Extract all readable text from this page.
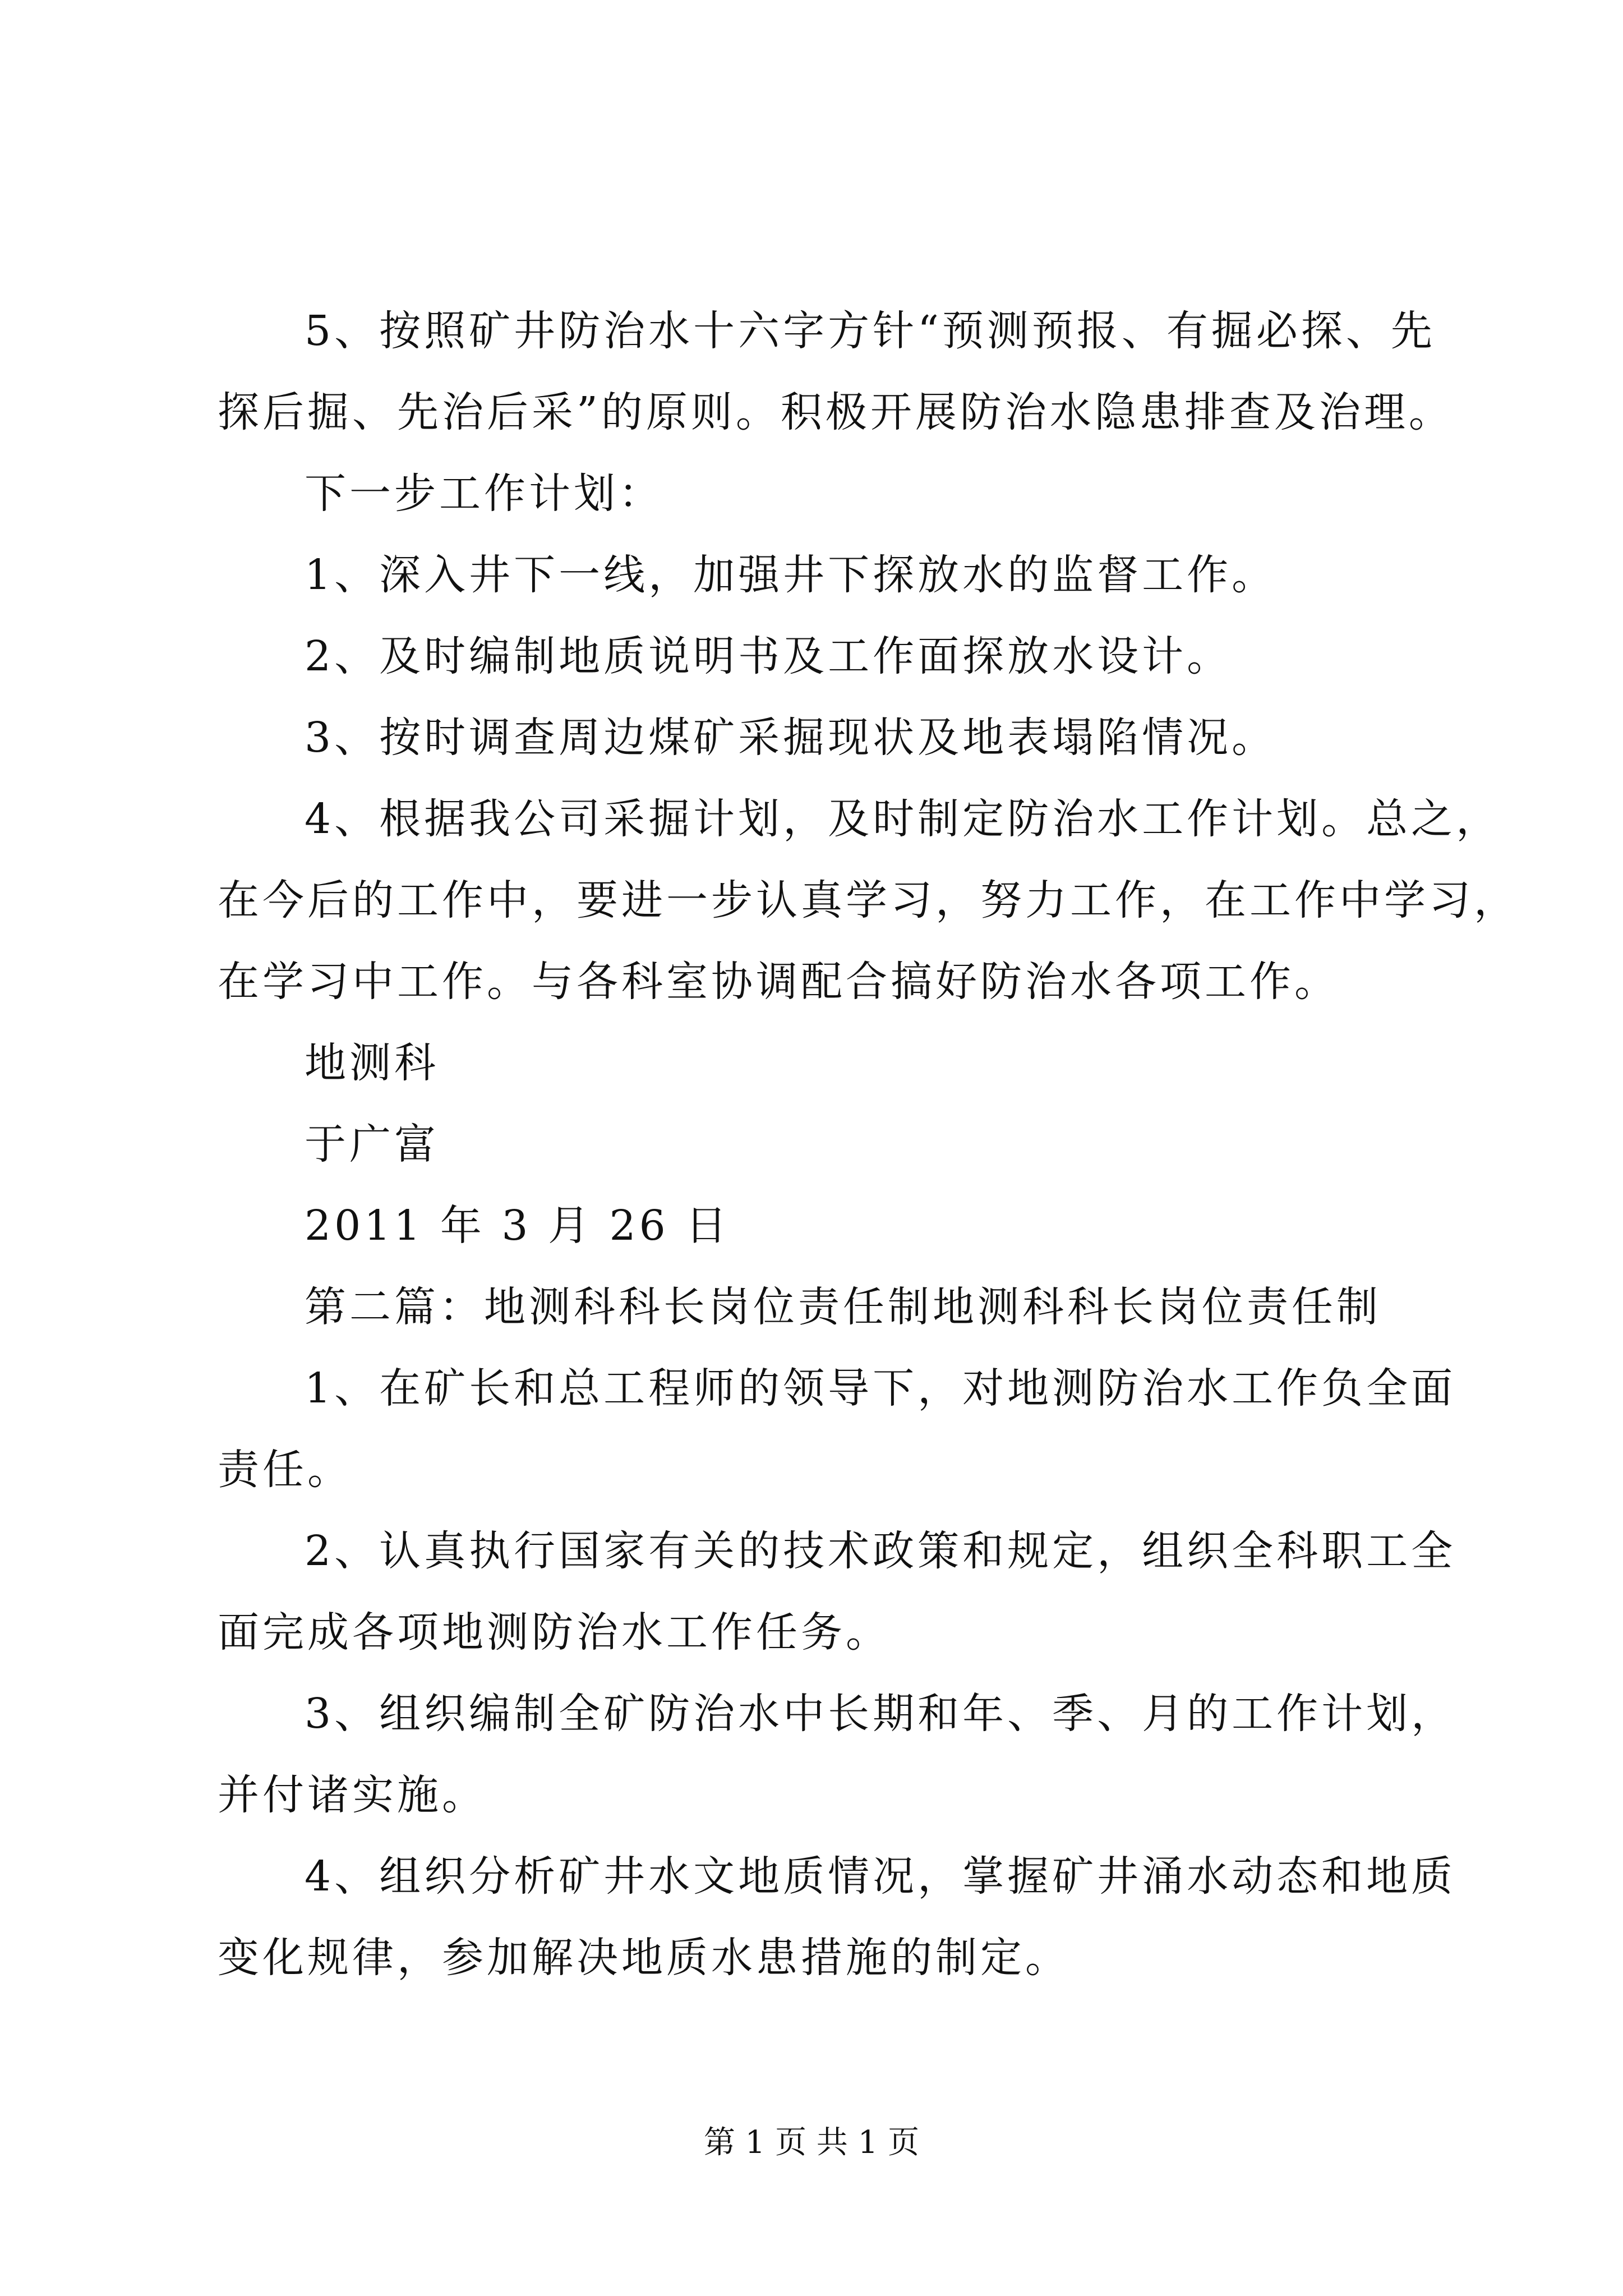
5、按照矿井防治水十六字方针“预测预报、有掘必探、先
探后掘、先治后采”的原则。积极开展防治水隐患排查及治理。
下一步工作计划：
1、深入井下一线，加强井下探放水的监督工作。
2、及时编制地质说明书及工作面探放水设计。
3、按时调查周边煤矿采掘现状及地表塌陷情况。
4、根据我公司采掘计划，及时制定防治水工作计划。总之，
在今后的工作中，要进一步认真学习，努力工作，在工作中学习，
在学习中工作。与各科室协调配合搞好防治水各项工作。
地测科
于广富
2011 年 3 月 26 日
第二篇：地测科科长岗位责任制地测科科长岗位责任制
1、在矿长和总工程师的领导下，对地测防治水工作负全面
责任。
2、认真执行国家有关的技术政策和规定，组织全科职工全
面完成各项地测防治水工作任务。
3、组织编制全矿防治水中长期和年、季、月的工作计划，
并付诸实施。
4、组织分析矿井水文地质情况，掌握矿井涌水动态和地质
变化规律，参加解决地质水患措施的制定。
第 1 页 共 1 页
